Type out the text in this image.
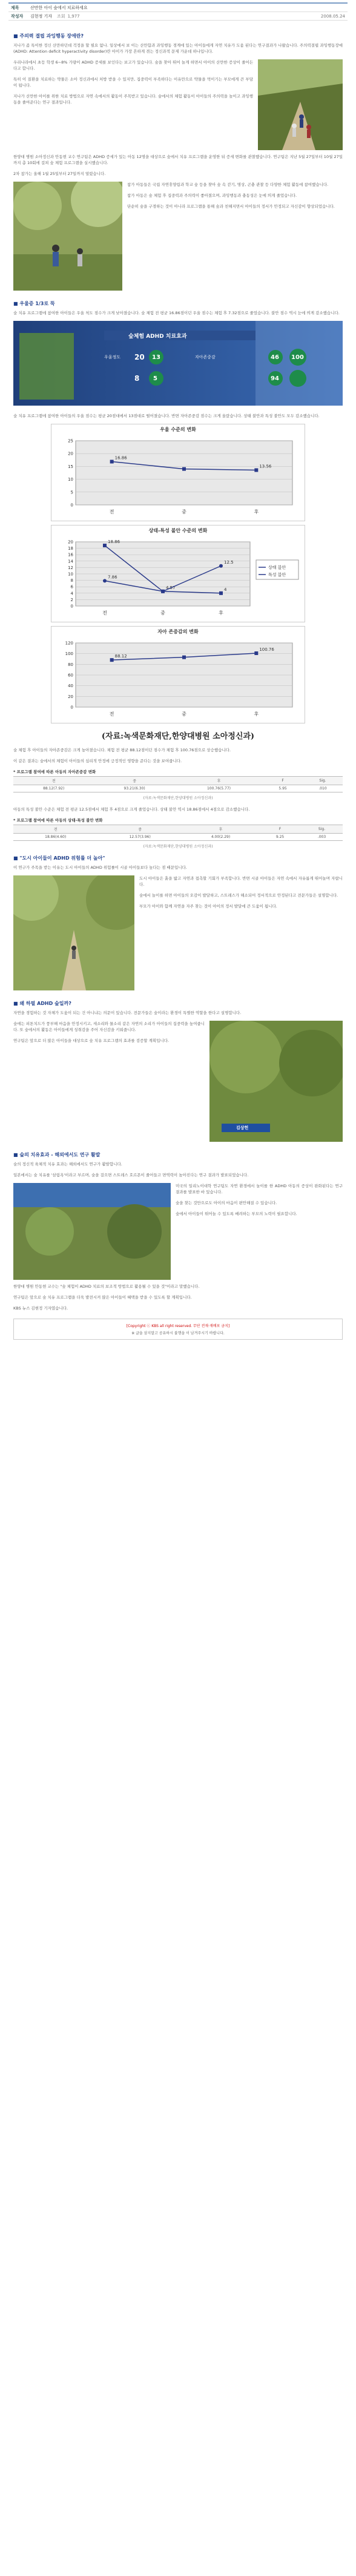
제목	산만한 아이 숲에서 치료하세요
작성자	김현정 기자 조회 1,977	2008.05.24
■ 주의력 결핍 과잉행동 장애란?

지나가 좀 특이한 정신 산만하던데 걱정을 할 필요 없나. 일상에서 보 이는 산만함과 과잉행동 경계에 있는 아이들에게 자연 치유가 도움 된다는 연구결과가 나왔습니다. 주의력결핍 과잉행동장애 (ADHD: Attention deficit hyperactivity disorder)란 아이가 가장 흔하게 겪는 정신과적 문제 가운데 하나입니다.

우리나라에서 초등 학생 6~8% 가량이 ADHD 증세를 보인다는 보고가 있습니다. 숲을 찾아 뛰어 놀게 하면서 아이의 산만한 증상이 줄어든다고 합니다.

특히 이 질환을 치료하는 약물은 소아 정신과에서 처방 받을 수 있지만, 집중력이 부족하다는 이유만으로 약물을 먹이기는 부모에게 큰 부담이 됩니다.

지나가 산만한 아이를 위한 치료 방법으로 자연 속에서의 활동이 주목받고 있습니다. 숲에서의 체험 활동이 아이들의 주의력을 높이고 과잉행동을 줄여준다는 연구 결과입니다.

한양대 병원 소아정신과 안동현 교수 연구팀은 ADHD 증세가 있는 아동 12명을 대상으로 숲에서 치유 프로그램을 운영한 뒤 증세 변화를 관찰했습니다. 연구팀은 지난 5월 27일부터 10월 27일까지 총 10회에 걸쳐 숲 체험 프로그램을 실시했습니다.

2차 참가는 올해 1월 25일부터 27일까지 열렸습니다.

참가 아동들은 국립 자연휴양림과 학교 숲 등을 찾아 숲 속 걷기, 명상, 곤충 관찰 등 다양한 체험 활동에 참여했습니다.

참가 아동은 숲 체험 후 집중력과 주의력이 좋아졌으며, 과잉행동과 충동성은 눈에 띄게 줄었습니다.

단순히 숲을 구경하는 것이 아니라 프로그램을 통해 숲과 친해지면서 아이들의 정서가 안정되고 자신감이 향상되었습니다.

■ 우울증 1/3로 뚝

숲 치유 프로그램에 참여한 아이들은 우울 척도 점수가 크게 낮아졌습니다. 숲 체험 전 평균 16.86점이던 우울 점수는 체험 후 7.32점으로 줄었습니다. 불안 점수 역시 눈에 띄게 감소했습니다.

숲체험 ADHD 치료효과
우울정도 20 13
8 5
자아존중감	46 100
94

숲 치유 프로그램에 참여한 아이들의 우울 점수는 평균 20점대에서 13점대로 떨어졌습니다. 반면 자아존중감 점수는 크게 올랐습니다. 상태 불안과 특성 불안도 모두 감소했습니다.

우울 수준의 변화
0
5
10
15
20
25
전	중	후
16.86
13.56
상태-특성 불안 수준의 변화
0
2
4
6
8
10
12
14
16
18
20
전	중	후
18.86
4.57	4
7.86
12.5
상태 불안
특성 불안
자아 존중감의 변화
0
20
40
60
80
100
120
전	중	후
88.12
100.76
(자료:녹색문화재단,한양대병원 소아정신과)

숲 체험 후 아이들의 자아존중감은 크게 높아졌습니다. 체험 전 평균 88.12점이던 점수가 체험 후 100.76점으로 상승했습니다.

이 같은 결과는 숲에서의 체험이 아이들의 심리적 안정에 긍정적인 영향을 준다는 것을 보여줍니다.

* 프로그램 참여에 따른 아동의 자아존중감 변화
전	중	후	F	Sig.
88.12(7.92)	93.21(6.30)	100.76(5.77)	5.95	.010
(자료:녹색문화재단,한양대병원 소아정신과)

아동의 특성 불안 수준은 체험 전 평균 12.5점에서 체험 후 4점으로 크게 줄었습니다. 상태 불안 역시 18.86점에서 4점으로 감소했습니다.

* 프로그램 참여에 따른 아동의 상태-특성 불안 변화
전	중	후	F	Sig.
18.86(4.60)	12.57(3.96)	4.00(2.29)	9.25	.003
(자료:녹색문화재단,한양대병원 소아정신과)
■ "도시 아이들이 ADHD 위험률 더 높아"

이 연구가 주목을 받는 이유는 도시 아이들의 ADHD 위험률이 시골 아이들보다 높다는 점 때문입니다.

도시 아이들은 흙을 밟고 자연과 접촉할 기회가 부족합니다. 반면 시골 아이들은 자연 속에서 자유롭게 뛰어놀며 자랍니다.

숲에서 놀이를 하면 아이들의 오감이 발달하고, 스트레스가 해소되어 정서적으로 안정된다고 전문가들은 설명합니다.

부모가 아이와 함께 자연을 자주 찾는 것이 아이의 정서 발달에 큰 도움이 됩니다.

■ 왜 하필 ADHD 숲일까?

자연을 경험하는 것 자체가 도움이 되는 건 아니냐는 의문이 있습니다. 전문가들은 숲이라는 환경이 특별한 역할을 한다고 설명합니다.

김상헌

숲에는 피톤치드가 풍부해 마음을 안정시키고, 새소리와 물소리 같은 자연의 소리가 아이들의 집중력을 높여줍니다. 또 숲에서의 활동은 아이들에게 성취감을 주어 자신감을 키워줍니다.

연구팀은 앞으로 더 많은 아이들을 대상으로 숲 치유 프로그램의 효과를 검증할 계획입니다.

■ 숲의 치유효과 - 해외에서도 연구 활발

숲의 정신적 육체적 치유 효과는 해외에서도 연구가 활발합니다.

일본에서는 숲 치유를 '삼림욕'이라고 부르며, 숲을 걸으면 스트레스 호르몬이 줄어들고 면역력이 높아진다는 연구 결과가 발표되었습니다.

미국의 일리노이대학 연구팀도 자연 환경에서 놀이를 한 ADHD 아동의 증상이 완화된다는 연구 결과를 발표한 바 있습니다.

숲을 찾는 것만으로도 아이의 마음이 편안해질 수 있습니다.

숲에서 아이들이 뛰어놀 수 있도록 배려하는 부모의 노력이 필요합니다.

한양대 병원 안동현 교수는 "숲 체험이 ADHD 치료의 보조적 방법으로 활용될 수 있을 것"이라고 말했습니다.

연구팀은 앞으로 숲 치유 프로그램을 더욱 발전시켜 많은 아이들이 혜택을 받을 수 있도록 할 계획입니다.

KBS 뉴스 김현정 기자였습니다.

[Copyright ⓒ KBS all right reserved. 무단 전재·재배포 금지]
※ 글을 삼지말고 공유하시 불행을 이 남겨주시기 바랍니다.
